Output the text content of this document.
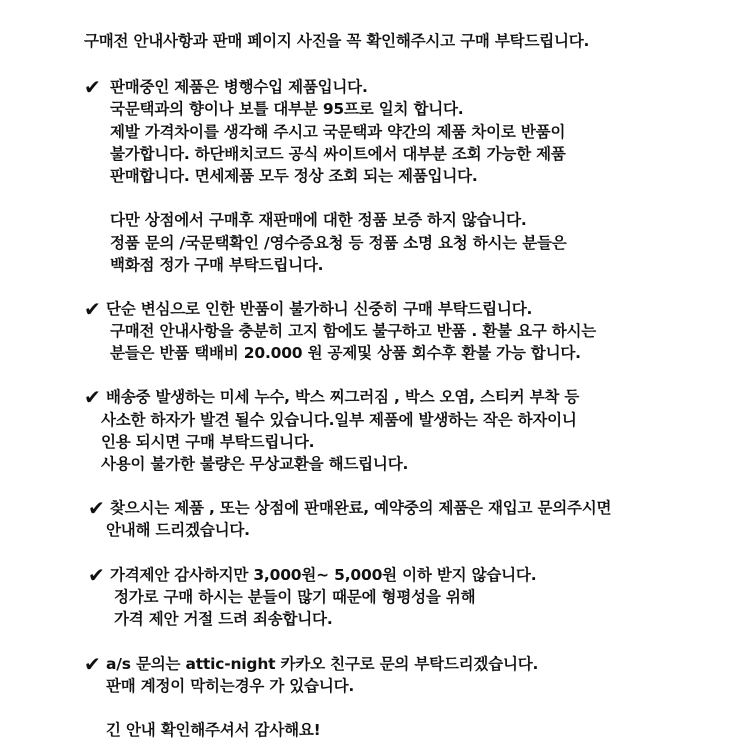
구매전 안내사항과 판매 페이지 사진을 꼭 확인해주시고 구매 부탁드립니다.
✔ 판매중인 제품은 병행수입 제품입니다.
국문택과의 향이나 보틀 대부분 95프로 일치 합니다.
제발 가격차이를 생각해 주시고 국문택과 약간의 제품 차이로 반품이
불가합니다. 하단배치코드 공식 싸이트에서 대부분 조회 가능한 제품
판매합니다. 면세제품 모두 정상 조회 되는 제품입니다.
다만 상점에서 구매후 재판매에 대한 정품 보증 하지 않습니다.
정품 문의 /국문택확인 /영수증요청 등 정품 소명 요청 하시는 분들은
백화점 정가 구매 부탁드립니다.
✔ 단순 변심으로 인한 반품이 불가하니 신중히 구매 부탁드립니다.
구매전 안내사항을 충분히 고지 함에도 불구하고 반품 . 환불 요구 하시는
분들은 반품 택배비 20.000 원 공제및 상품 회수후 환불 가능 합니다.
✔ 배송중 발생하는 미세 누수, 박스 찌그러짐 , 박스 오염, 스티커 부착 등
사소한 하자가 발견 될수 있습니다.일부 제품에 발생하는 작은 하자이니
인용 되시면 구매 부탁드립니다.
사용이 불가한 불량은 무상교환을 해드립니다.
✔ 찾으시는 제품 , 또는 상점에 판매완료, 예약중의 제품은 재입고 문의주시면
안내해 드리겠습니다.
✔ 가격제안 감사하지만 3,000원~ 5,000원 이하 받지 않습니다.
정가로 구매 하시는 분들이 많기 때문에 형평성을 위해
가격 제안 거절 드려 죄송합니다.
✔ a/s 문의는 attic-night 카카오 친구로 문의 부탁드리겠습니다.
판매 계정이 막히는경우 가 있습니다.
긴 안내 확인해주셔서 감사해요!
